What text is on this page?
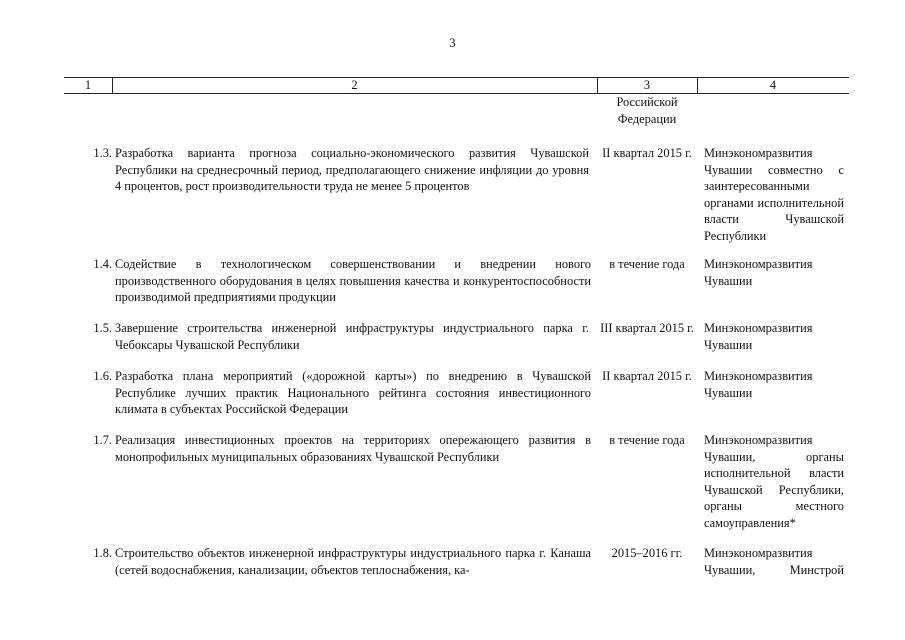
3
1	2	3	4
Российской Федерации
1.3. Разработка варианта прогноза социально-экономического развития Чувашской Республики на среднесрочный период, предполагающего снижение инфляции до уровня 4 процентов, рост производительности труда не менее 5 процентов
II квартал 2015 г. Минэкономразвития Чувашии совместно с заинтересованными органами исполнительной власти Чувашской Республики
1.4. Содействие в технологическом совершенствовании и внедрении нового производственного оборудования в целях повышения качества и конкурентоспособности производимой предприятиями продукции
в течение года	Минэкономразвития Чувашии
1.5. Завершение строительства инженерной инфраструктуры индустриального парка г. Чебоксары Чувашской Республики
III квартал 2015 г. Минэкономразвития Чувашии
1.6. Разработка плана мероприятий («дорожной карты») по внедрению в Чувашской Республике лучших практик Национального рейтинга состояния инвестиционного климата в субъектах Российской Федерации
II квартал 2015 г. Минэкономразвития Чувашии
1.7. Реализация инвестиционных проектов на территориях опережающего развития в монопрофильных муниципальных образованиях Чувашской Республики
в течение года	Минэкономразвития Чувашии, органы исполнительной власти Чувашской Республики, органы местного самоуправления*
1.8. Строительство объектов инженерной инфраструктуры индустриального парка г. Канаша (сетей водоснабжения, канализации, объектов теплоснабжения, ка-
2015–2016 гг.	Минэкономразвития Чувашии, Минстрой
